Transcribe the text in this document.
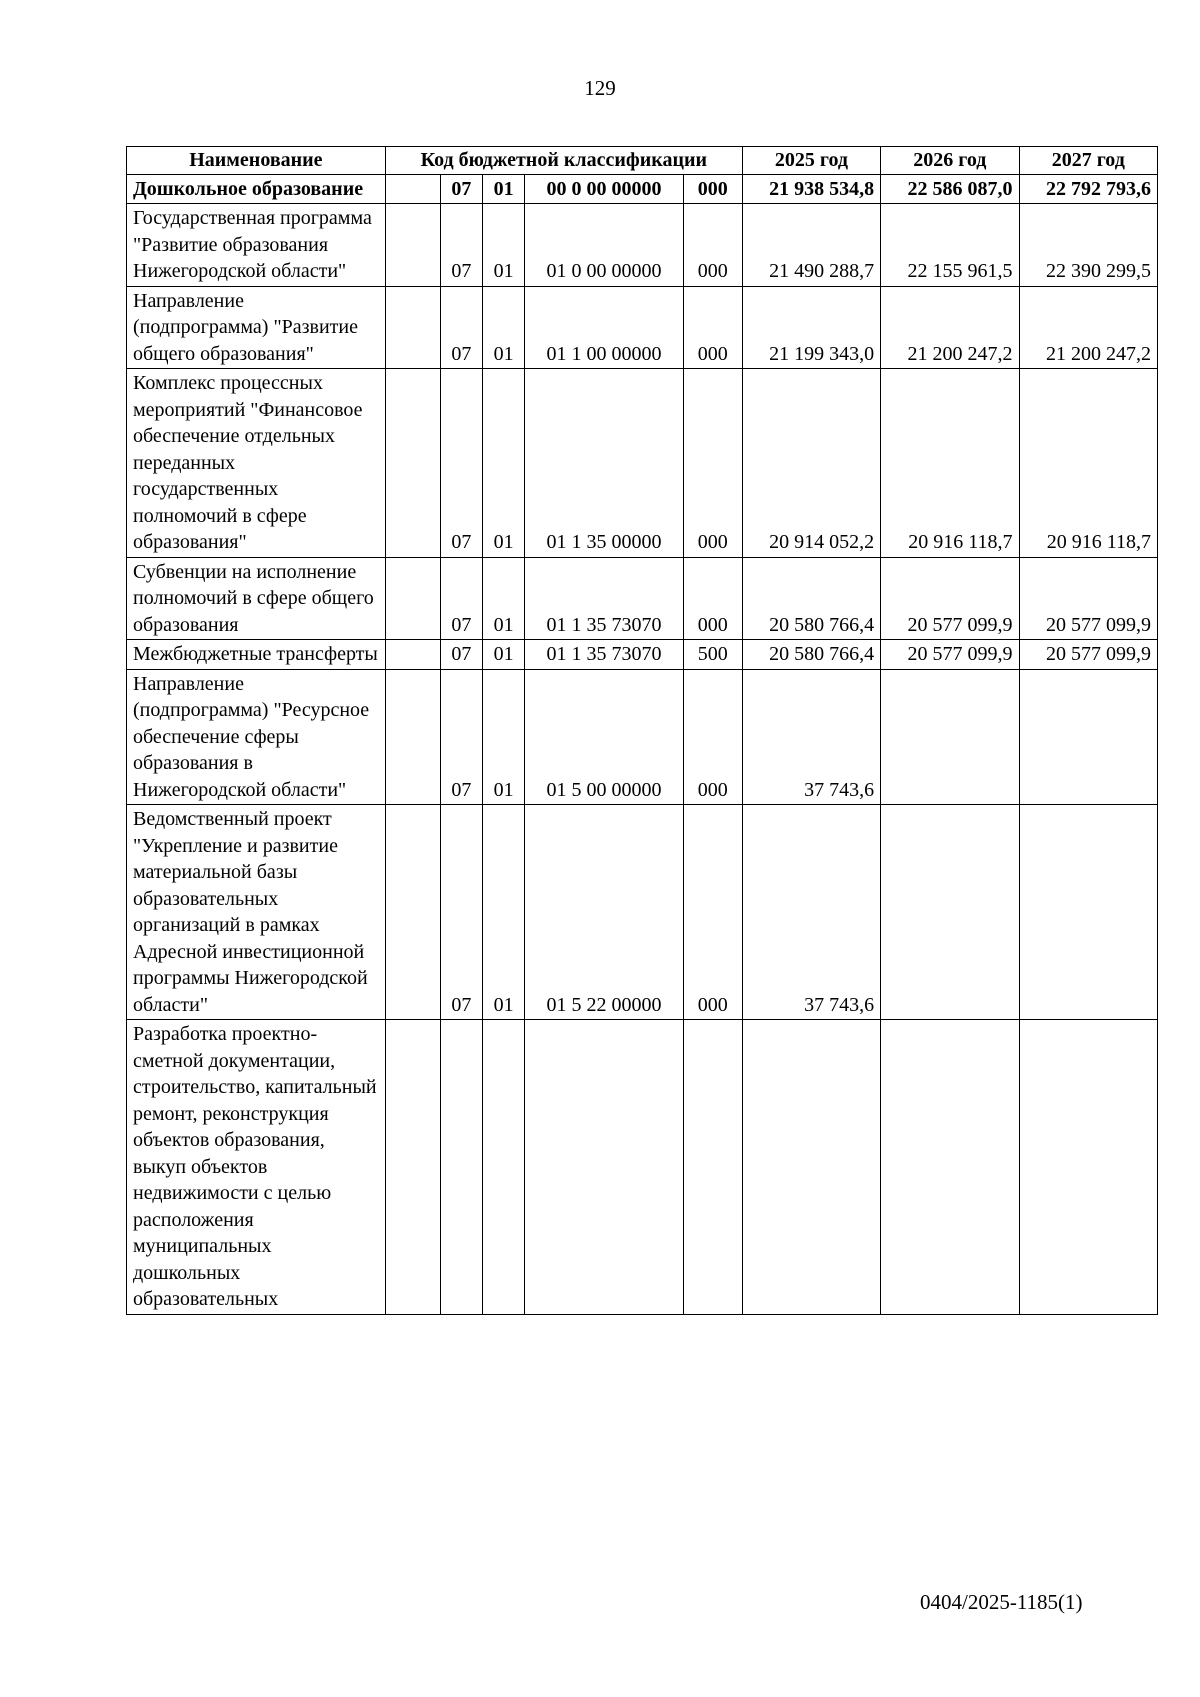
129
Наименование	Код бюджетной классификации					2025 год	2026 год	2027 год
Дошкольное образование		07	01	00 0 00 00000	000	21 938 534,8	22 586 087,0	22 792 793,6
Государственная программа "Развитие образования Нижегородской области"		07	01	01 0 00 00000	000	21 490 288,7	22 155 961,5	22 390 299,5
Направление (подпрограмма) "Развитие общего образования"		07	01	01 1 00 00000	000	21 199 343,0	21 200 247,2	21 200 247,2
Комплекс процессных мероприятий "Финансовое обеспечение отдельных переданных государственных полномочий в сфере образования"		07	01	01 1 35 00000	000	20 914 052,2	20 916 118,7	20 916 118,7
Субвенции на исполнение полномочий в сфере общего образования		07	01	01 1 35 73070	000	20 580 766,4	20 577 099,9	20 577 099,9
Межбюджетные трансферты		07	01	01 1 35 73070	500	20 580 766,4	20 577 099,9	20 577 099,9
Направление (подпрограмма) "Ресурсное обеспечение сферы образования в Нижегородской области"		07	01	01 5 00 00000	000	37 743,6		
Ведомственный проект "Укрепление и развитие материальной базы образовательных организаций в рамках Адресной инвестиционной программы Нижегородской области"		07	01	01 5 22 00000	000	37 743,6		
Разработка проектно-сметной документации, строительство, капитальный ремонт, реконструкция объектов образования, выкуп объектов недвижимости с целью расположения муниципальных дошкольных образовательных								
0404/2025-1185(1)
